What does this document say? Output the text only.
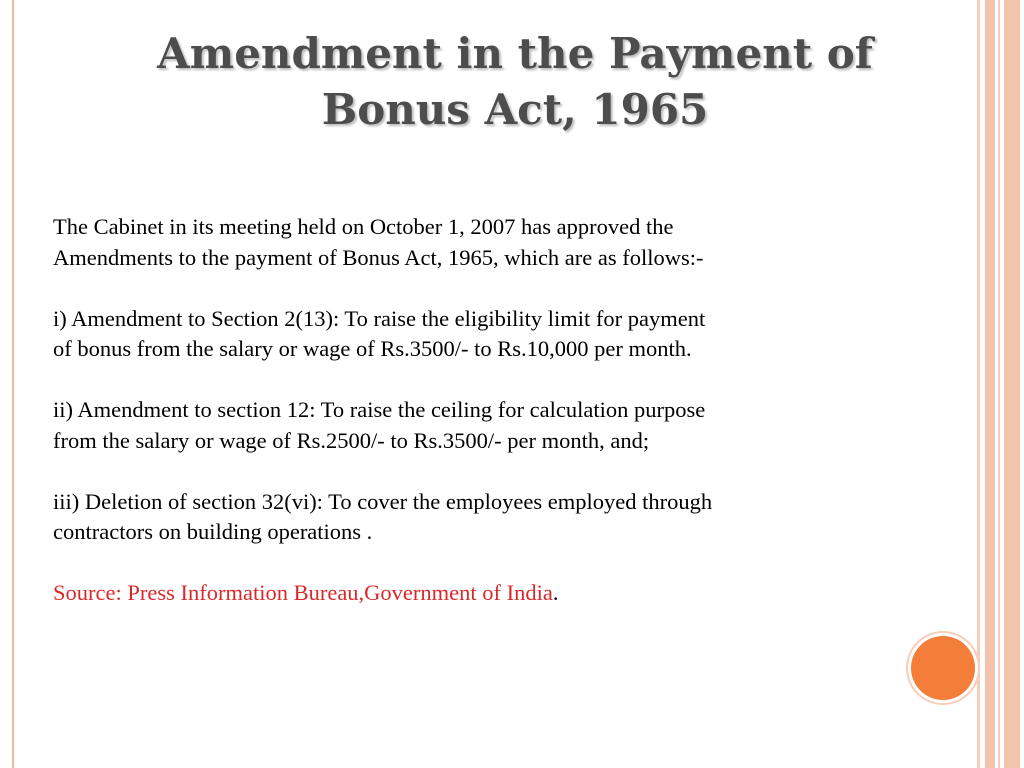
Amendment in the Payment of
Bonus Act, 1965

The Cabinet in its meeting held on October 1, 2007 has approved the
Amendments to the payment of Bonus Act, 1965, which are as follows:-

i) Amendment to Section 2(13): To raise the eligibility limit for payment
of bonus from the salary or wage of Rs.3500/- to Rs.10,000 per month.

ii) Amendment to section 12: To raise the ceiling for calculation purpose
from the salary or wage of Rs.2500/- to Rs.3500/- per month, and;

iii) Deletion of section 32(vi): To cover the employees employed through
contractors on building operations .

Source: Press Information Bureau,Government of India.
